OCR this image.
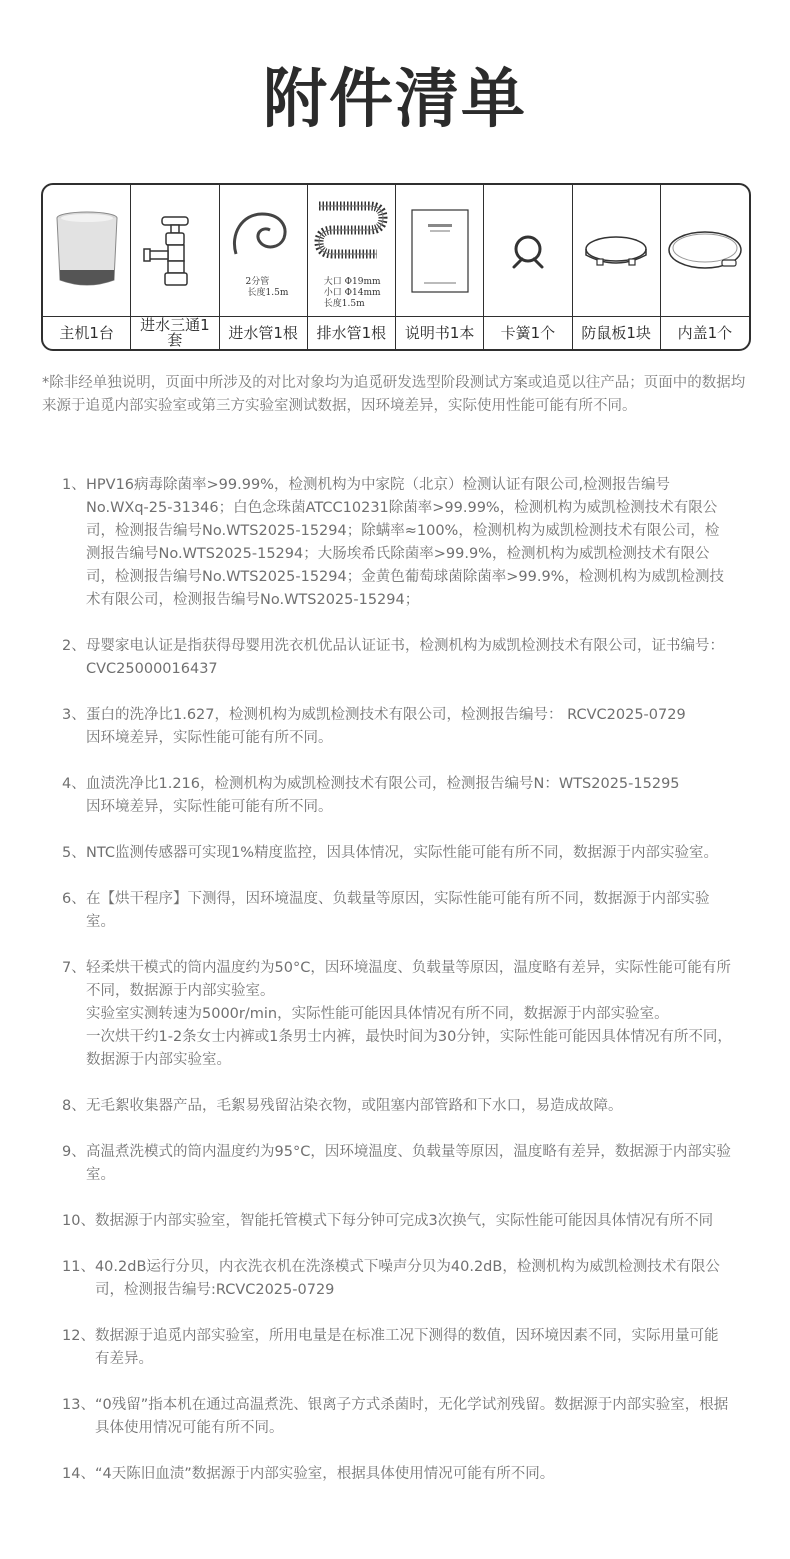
附件清单
2分管
长度1.5m
大口 Φ19mm
小口 Φ14mm
长度1.5m
主机1台	进水三通1套	进水管1根	排水管1根	说明书1本	卡簧1个	防鼠板1块	内盖1个

*除非经单独说明，页面中所涉及的对比对象均为追觅研发选型阶段测试方案或追觅以往产品；页面中的数据均来源于追觅内部实验室或第三方实验室测试数据，因环境差异，实际使用性能可能有所不同。

1、 HPV16病毒除菌率>99.99%，检测机构为中家院（北京）检测认证有限公司,检测报告编号No.WXq-25-31346；白色念珠菌ATCC10231除菌率>99.99%，检测机构为威凯检测技术有限公司，检测报告编号No.WTS2025-15294；除螨率≈100%，检测机构为威凯检测技术有限公司，检测报告编号No.WTS2025-15294；大肠埃希氏除菌率>99.9%，检测机构为威凯检测技术有限公司，检测报告编号No.WTS2025-15294；金黄色葡萄球菌除菌率>99.9%，检测机构为威凯检测技术有限公司，检测报告编号No.WTS2025-15294；
2、 母婴家电认证是指获得母婴用洗衣机优品认证证书，检测机构为威凯检测技术有限公司，证书编号：CVC25000016437
3、 蛋白的洗净比1.627，检测机构为威凯检测技术有限公司，检测报告编号： RCVC2025-0729
因环境差异，实际性能可能有所不同。
4、 血渍洗净比1.216，检测机构为威凯检测技术有限公司，检测报告编号N：WTS2025-15295
因环境差异，实际性能可能有所不同。
5、 NTC监测传感器可实现1%精度监控，因具体情况，实际性能可能有所不同，数据源于内部实验室。
6、 在【烘干程序】下测得，因环境温度、负载量等原因，实际性能可能有所不同，数据源于内部实验室。
7、 轻柔烘干模式的筒内温度约为50°C，因环境温度、负载量等原因，温度略有差异，实际性能可能有所不同，数据源于内部实验室。
实验室实测转速为5000r/min，实际性能可能因具体情况有所不同，数据源于内部实验室。
一次烘干约1-2条女士内裤或1条男士内裤，最快时间为30分钟，实际性能可能因具体情况有所不同，数据源于内部实验室。
8、 无毛絮收集器产品，毛絮易残留沾染衣物，或阻塞内部管路和下水口，易造成故障。
9、 高温煮洗模式的筒内温度约为95°C，因环境温度、负载量等原因，温度略有差异，数据源于内部实验室。
10、 数据源于内部实验室，智能托管模式下每分钟可完成3次换气，实际性能可能因具体情况有所不同
11、 40.2dB运行分贝，内衣洗衣机在洗涤模式下噪声分贝为40.2dB，检测机构为威凯检测技术有限公司，检测报告编号:RCVC2025-0729
12、 数据源于追觅内部实验室，所用电量是在标准工况下测得的数值，因环境因素不同，实际用量可能有差异。
13、 “0残留”指本机在通过高温煮洗、银离子方式杀菌时，无化学试剂残留。数据源于内部实验室，根据具体使用情况可能有所不同。
14、 “4天陈旧血渍”数据源于内部实验室，根据具体使用情况可能有所不同。
